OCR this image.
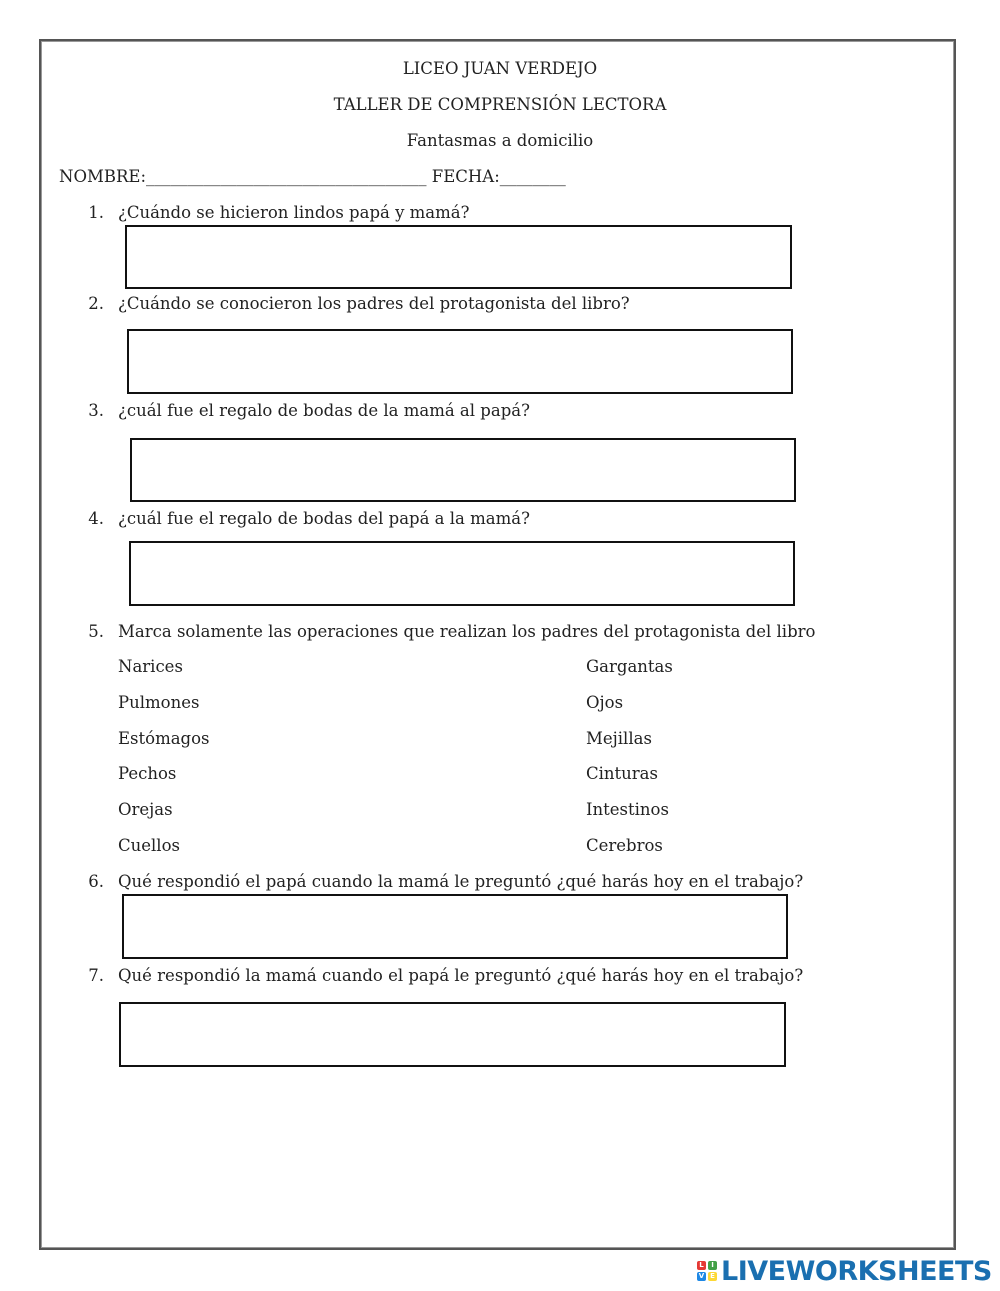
LICEO JUAN VERDEJO
TALLER DE COMPRENSIÓN LECTORA
Fantasmas a domicilio
NOMBRE:__________________________________ FECHA:________
1. ¿Cuándo se hicieron lindos papá y mamá?
2. ¿Cuándo se conocieron los padres del protagonista del libro?
3. ¿cuál fue el regalo de bodas de la mamá al papá?
4. ¿cuál fue el regalo de bodas del papá a la mamá?
5. Marca solamente las operaciones que realizan los padres del protagonista del libro
Narices
Pulmones
Estómagos
Pechos
Orejas
Cuellos
Gargantas
Ojos
Mejillas
Cinturas
Intestinos
Cerebros
6. Qué respondió el papá cuando la mamá le preguntó ¿qué harás hoy en el trabajo?
7. Qué respondió la mamá cuando el papá le preguntó ¿qué harás hoy en el trabajo?
L	I
V E LIVEWORKSHEETS
